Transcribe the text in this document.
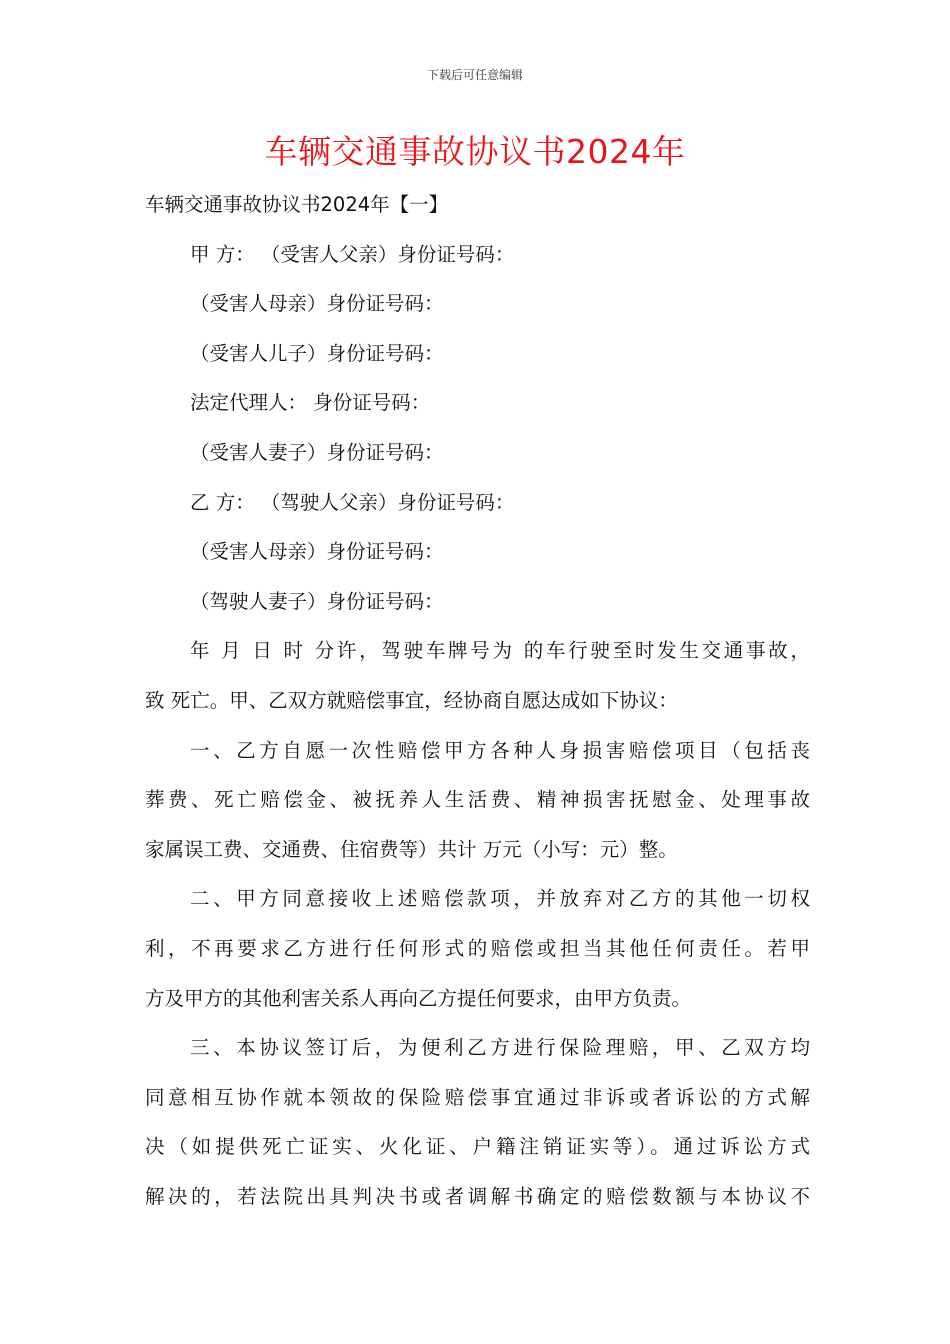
下载后可任意编辑
车辆交通事故协议书2024年
车辆交通事故协议书2024年【一】
甲 方： （受害人父亲）身份证号码：
（受害人母亲）身份证号码：
（受害人儿子）身份证号码：
法定代理人： 身份证号码：
（受害人妻子）身份证号码：
乙 方： （驾驶人父亲）身份证号码：
（受害人母亲）身份证号码：
（驾驶人妻子）身份证号码：
年 月 日 时 分许，驾驶车牌号为 的车行驶至时发生交通事故，
致 死亡。甲、乙双方就赔偿事宜，经协商自愿达成如下协议：
一、乙方自愿一次性赔偿甲方各种人身损害赔偿项目（包括丧
葬费、死亡赔偿金、被抚养人生活费、精神损害抚慰金、处理事故
家属误工费、交通费、住宿费等）共计 万元（小写：元）整。
二、甲方同意接收上述赔偿款项，并放弃对乙方的其他一切权
利，不再要求乙方进行任何形式的赔偿或担当其他任何责任。若甲
方及甲方的其他利害关系人再向乙方提任何要求，由甲方负责。
三、本协议签订后，为便利乙方进行保险理赔，甲、乙双方均
同意相互协作就本领故的保险赔偿事宜通过非诉或者诉讼的方式解
决（如提供死亡证实、火化证、户籍注销证实等）。通过诉讼方式
解决的，若法院出具判决书或者调解书确定的赔偿数额与本协议不
